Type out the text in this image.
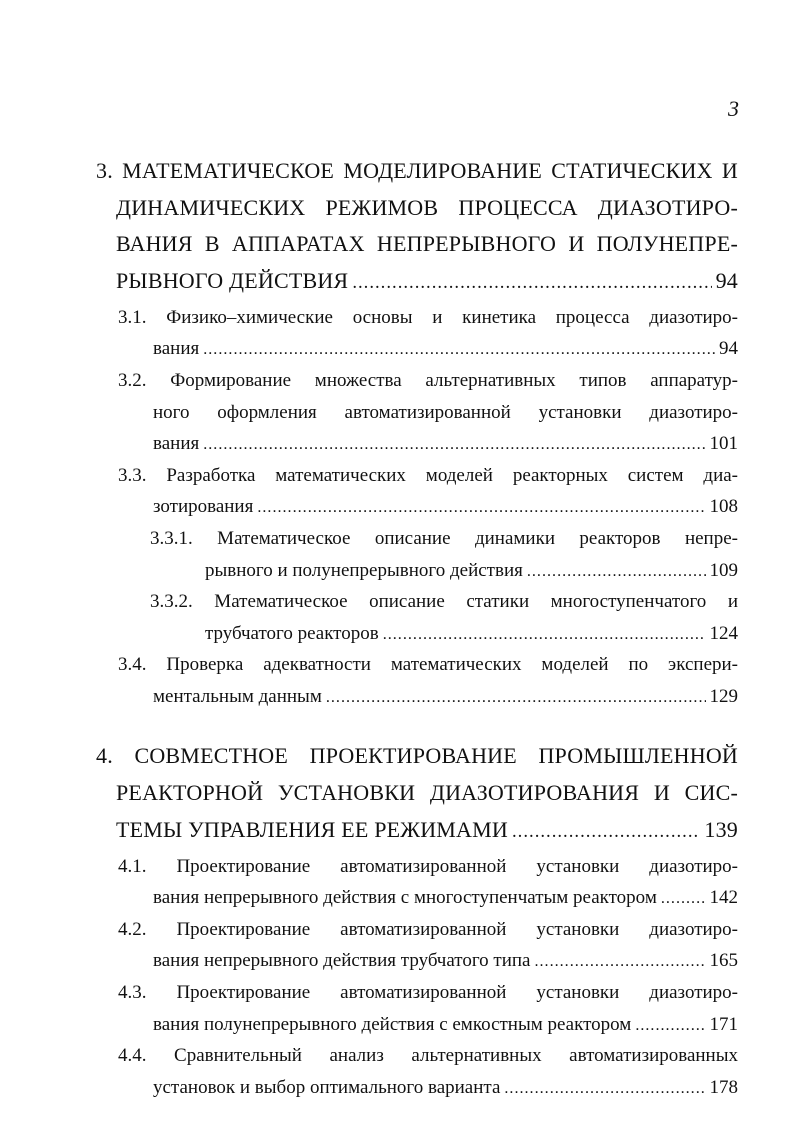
3
3. МАТЕМАТИЧЕСКОЕ МОДЕЛИРОВАНИЕ СТАТИЧЕСКИХ И
ДИНАМИЧЕСКИХ РЕЖИМОВ ПРОЦЕССА ДИАЗОТИРО-
ВАНИЯ В АППАРАТАХ НЕПРЕРЫВНОГО И ПОЛУНЕПРЕ-
РЫВНОГО ДЕЙСТВИЯ .....	94
3.1. Физико–химические основы и кинетика процесса диазотиро-
вания .....	94
3.2. Формирование множества альтернативных типов аппаратур-
ного оформления автоматизированной установки диазотиро-
вания .....	101
3.3. Разработка математических моделей реакторных систем диа-
зотирования .....	108
3.3.1. Математическое описание динамики реакторов непре-
рывного и полунепрерывного действия .....	109
3.3.2. Математическое описание статики многоступенчатого и
трубчатого реакторов .....	124
3.4. Проверка адекватности математических моделей по экспери-
ментальным данным .....	129
4. СОВМЕСТНОЕ ПРОЕКТИРОВАНИЕ ПРОМЫШЛЕННОЙ
РЕАКТОРНОЙ УСТАНОВКИ ДИАЗОТИРОВАНИЯ И СИС-
ТЕМЫ УПРАВЛЕНИЯ ЕЕ РЕЖИМАМИ .....	139
4.1. Проектирование автоматизированной установки диазотиро-
вания непрерывного действия с многоступенчатым реактором .....	142
4.2. Проектирование автоматизированной установки диазотиро-
вания непрерывного действия трубчатого типа .....	165
4.3. Проектирование автоматизированной установки диазотиро-
вания полунепрерывного действия с емкостным реактором .....	171
4.4. Сравнительный анализ альтернативных автоматизированных
установок и выбор оптимального варианта .....	178
